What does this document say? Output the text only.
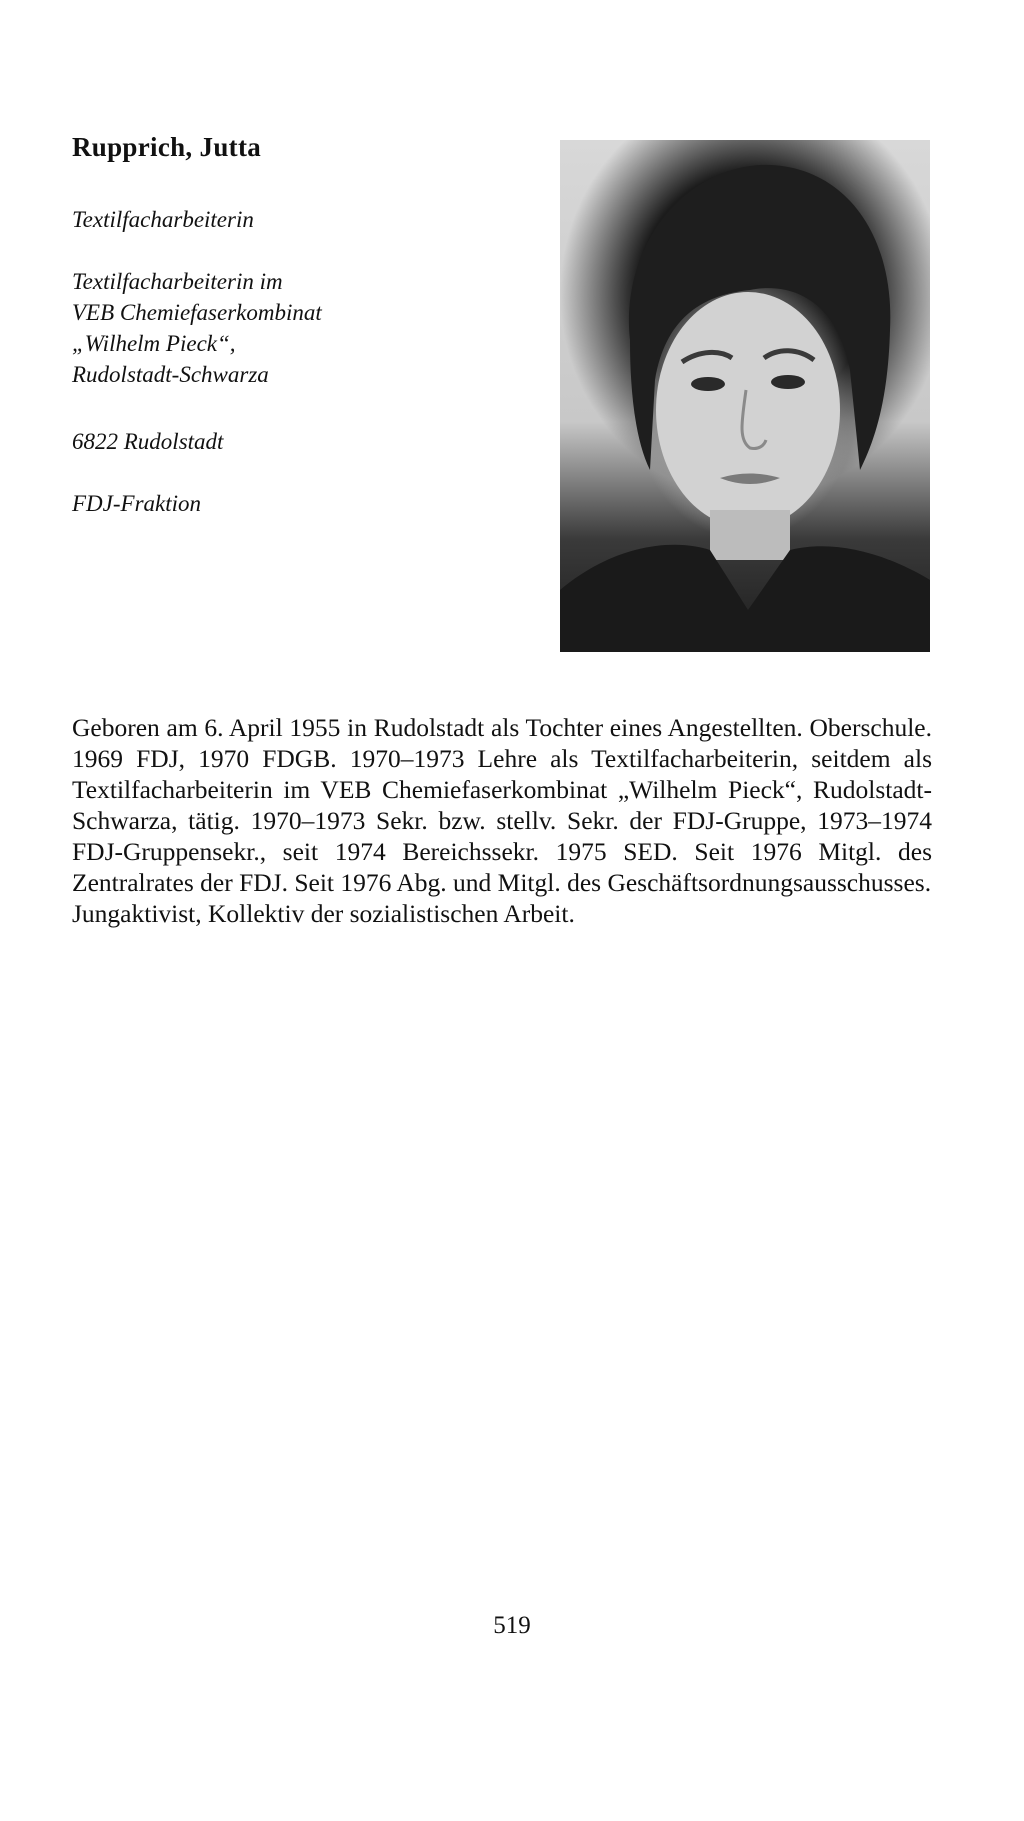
Rupprich, Jutta
Textilfacharbeiterin
Textilfacharbeiterin im
VEB Chemiefaserkombinat
„Wilhelm Pieck“,
Rudolstadt-Schwarza
6822 Rudolstadt
FDJ-Fraktion

Geboren am 6. April 1955 in Rudolstadt als Tochter eines Angestellten. Oberschule. 1969 FDJ, 1970 FDGB. 1970–1973 Lehre als Textilfacharbeiterin, seitdem als Textilfacharbeiterin im VEB Chemiefaserkombinat „Wilhelm Pieck“, Rudolstadt-Schwarza, tätig. 1970–1973 Sekr. bzw. stellv. Sekr. der FDJ-Gruppe, 1973–1974 FDJ-Gruppensekr., seit 1974 Bereichssekr. 1975 SED. Seit 1976 Mitgl. des Zentralrates der FDJ. Seit 1976 Abg. und Mitgl. des Geschäftsordnungsausschusses.

Jungaktivist, Kollektiv der sozialistischen Arbeit.

519
